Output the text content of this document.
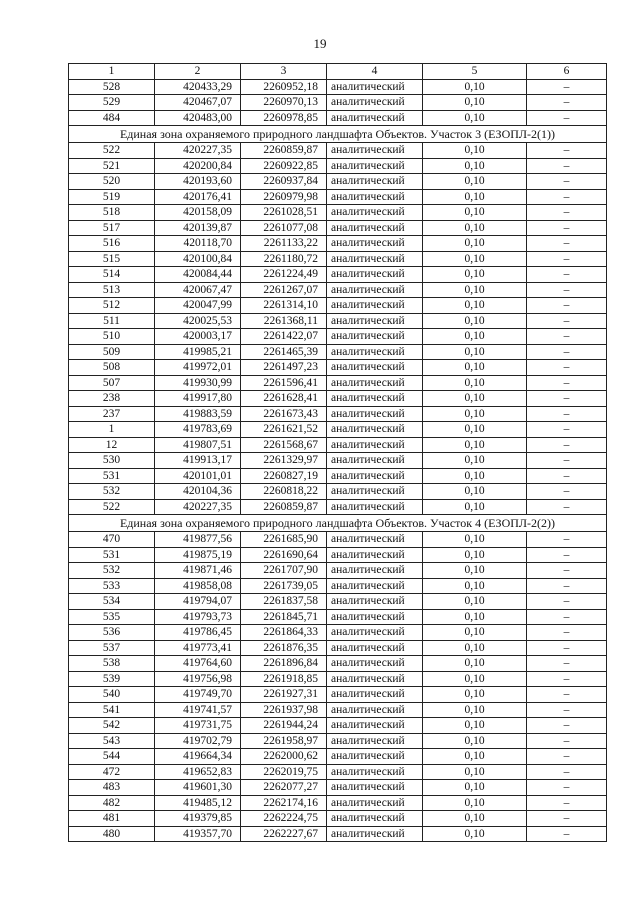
19
1	2	3	4	5	6
528	420433,29	2260952,18	аналитический	0,10	–
529	420467,07	2260970,13	аналитический	0,10	–
484	420483,00	2260978,85	аналитический	0,10	–
Единая зона охраняемого природного ландшафта Объектов. Участок 3 (ЕЗОПЛ-2(1))					
522	420227,35	2260859,87	аналитический	0,10	–
521	420200,84	2260922,85	аналитический	0,10	–
520	420193,60	2260937,84	аналитический	0,10	–
519	420176,41	2260979,98	аналитический	0,10	–
518	420158,09	2261028,51	аналитический	0,10	–
517	420139,87	2261077,08	аналитический	0,10	–
516	420118,70	2261133,22	аналитический	0,10	–
515	420100,84	2261180,72	аналитический	0,10	–
514	420084,44	2261224,49	аналитический	0,10	–
513	420067,47	2261267,07	аналитический	0,10	–
512	420047,99	2261314,10	аналитический	0,10	–
511	420025,53	2261368,11	аналитический	0,10	–
510	420003,17	2261422,07	аналитический	0,10	–
509	419985,21	2261465,39	аналитический	0,10	–
508	419972,01	2261497,23	аналитический	0,10	–
507	419930,99	2261596,41	аналитический	0,10	–
238	419917,80	2261628,41	аналитический	0,10	–
237	419883,59	2261673,43	аналитический	0,10	–
1	419783,69	2261621,52	аналитический	0,10	–
12	419807,51	2261568,67	аналитический	0,10	–
530	419913,17	2261329,97	аналитический	0,10	–
531	420101,01	2260827,19	аналитический	0,10	–
532	420104,36	2260818,22	аналитический	0,10	–
522	420227,35	2260859,87	аналитический	0,10	–
Единая зона охраняемого природного ландшафта Объектов. Участок 4 (ЕЗОПЛ-2(2))					
470	419877,56	2261685,90	аналитический	0,10	–
531	419875,19	2261690,64	аналитический	0,10	–
532	419871,46	2261707,90	аналитический	0,10	–
533	419858,08	2261739,05	аналитический	0,10	–
534	419794,07	2261837,58	аналитический	0,10	–
535	419793,73	2261845,71	аналитический	0,10	–
536	419786,45	2261864,33	аналитический	0,10	–
537	419773,41	2261876,35	аналитический	0,10	–
538	419764,60	2261896,84	аналитический	0,10	–
539	419756,98	2261918,85	аналитический	0,10	–
540	419749,70	2261927,31	аналитический	0,10	–
541	419741,57	2261937,98	аналитический	0,10	–
542	419731,75	2261944,24	аналитический	0,10	–
543	419702,79	2261958,97	аналитический	0,10	–
544	419664,34	2262000,62	аналитический	0,10	–
472	419652,83	2262019,75	аналитический	0,10	–
483	419601,30	2262077,27	аналитический	0,10	–
482	419485,12	2262174,16	аналитический	0,10	–
481	419379,85	2262224,75	аналитический	0,10	–
480	419357,70	2262227,67	аналитический	0,10	–
